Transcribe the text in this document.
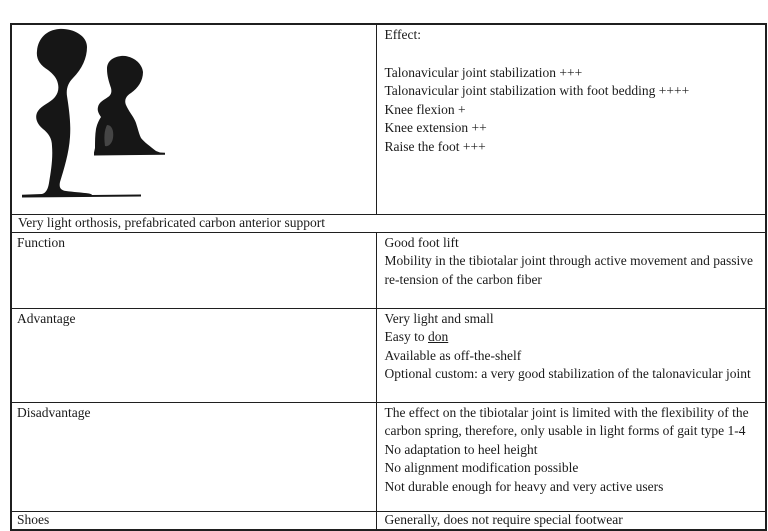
Effect:
Talonavicular joint stabilization +++
Talonavicular joint stabilization with foot bedding ++++
Knee flexion +
Knee extension ++
Raise the foot +++

Very light orthosis, prefabricated carbon anterior support	
Function	Good foot lift
Mobility in the tibiotalar joint through active movement and passive re-tension of the carbon fiber

Advantage	Very light and small
Easy to don
Available as off-the-shelf
Optional custom: a very good stabilization of the talonavicular joint

Disadvantage	The effect on the tibiotalar joint is limited with the flexibility of the carbon spring, therefore, only usable in light forms of gait type 1-4
No adaptation to heel height
No alignment modification possible
Not durable enough for heavy and very active users

Shoes	Generally, does not require special footwear
